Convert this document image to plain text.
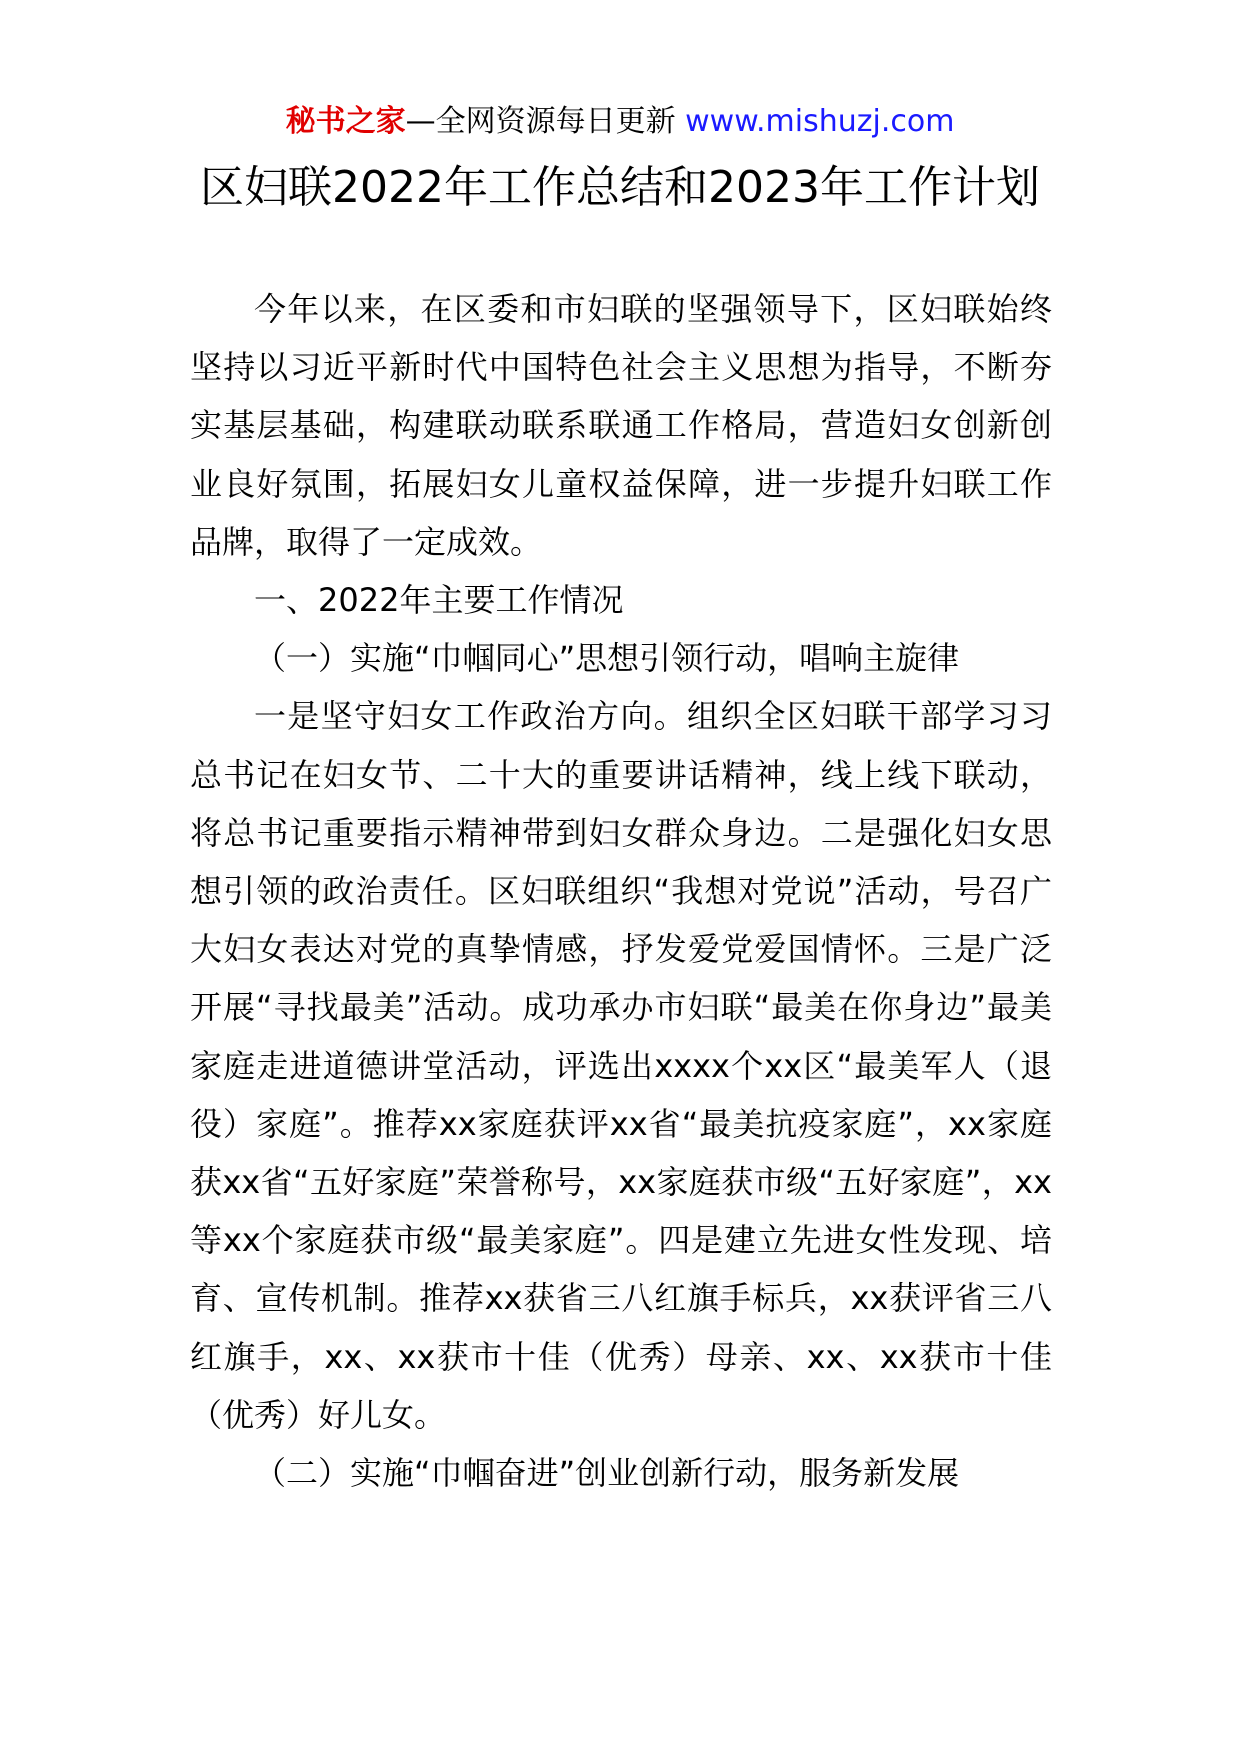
秘书之家—全网资源每日更新 www.mishuzj.com
区妇联2022年工作总结和2023年工作计划

今年以来，在区委和市妇联的坚强领导下，区妇联始终坚持以习近平新时代中国特色社会主义思想为指导，不断夯实基层基础，构建联动联系联通工作格局，营造妇女创新创业良好氛围，拓展妇女儿童权益保障，进一步提升妇联工作品牌，取得了一定成效。

一、2022年主要工作情况

（一）实施“巾帼同心”思想引领行动，唱响主旋律

一是坚守妇女工作政治方向。组织全区妇联干部学习习总书记在妇女节、二十大的重要讲话精神，线上线下联动，将总书记重要指示精神带到妇女群众身边。二是强化妇女思想引领的政治责任。区妇联组织“我想对党说”活动，号召广大妇女表达对党的真挚情感，抒发爱党爱国情怀。三是广泛开展“寻找最美”活动。成功承办市妇联“最美在你身边”最美家庭走进道德讲堂活动，评选出xxxx个xx区“最美军人（退役）家庭”。推荐xx家庭获评xx省“最美抗疫家庭”，xx家庭获xx省“五好家庭”荣誉称号，xx家庭获市级“五好家庭”，xx等xx个家庭获市级“最美家庭”。四是建立先进女性发现、培育、宣传机制。推荐xx获省三八红旗手标兵，xx获评省三八红旗手，xx、xx获市十佳（优秀）母亲、xx、xx获市十佳（优秀）好儿女。

（二）实施“巾帼奋进”创业创新行动，服务新发展
